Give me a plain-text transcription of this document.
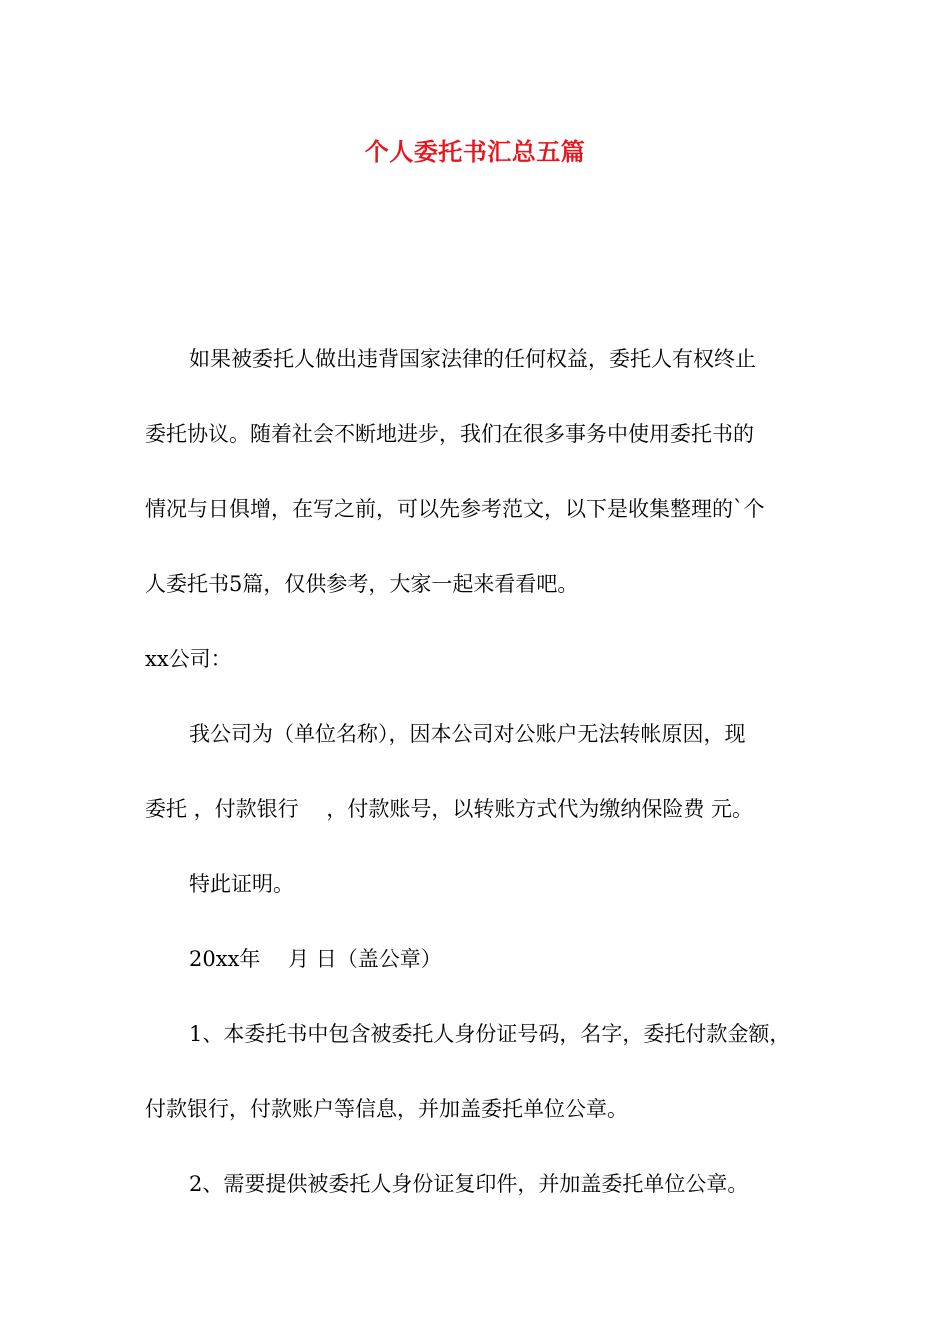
个人委托书汇总五篇

如果被委托人做出违背国家法律的任何权益，委托人有权终止

委托协议。随着社会不断地进步，我们在很多事务中使用委托书的

情况与日俱增，在写之前，可以先参考范文，以下是收集整理的`个

人委托书5篇，仅供参考，大家一起来看看吧。

xx公司：

我公司为（单位名称），因本公司对公账户无法转帐原因，现

委托 ，付款银行　 ，付款账号，以转账方式代为缴纳保险费 元。

特此证明。

20xx年　 月 日（盖公章）

1、本委托书中包含被委托人身份证号码，名字，委托付款金额，

付款银行，付款账户等信息，并加盖委托单位公章。

2、需要提供被委托人身份证复印件，并加盖委托单位公章。
